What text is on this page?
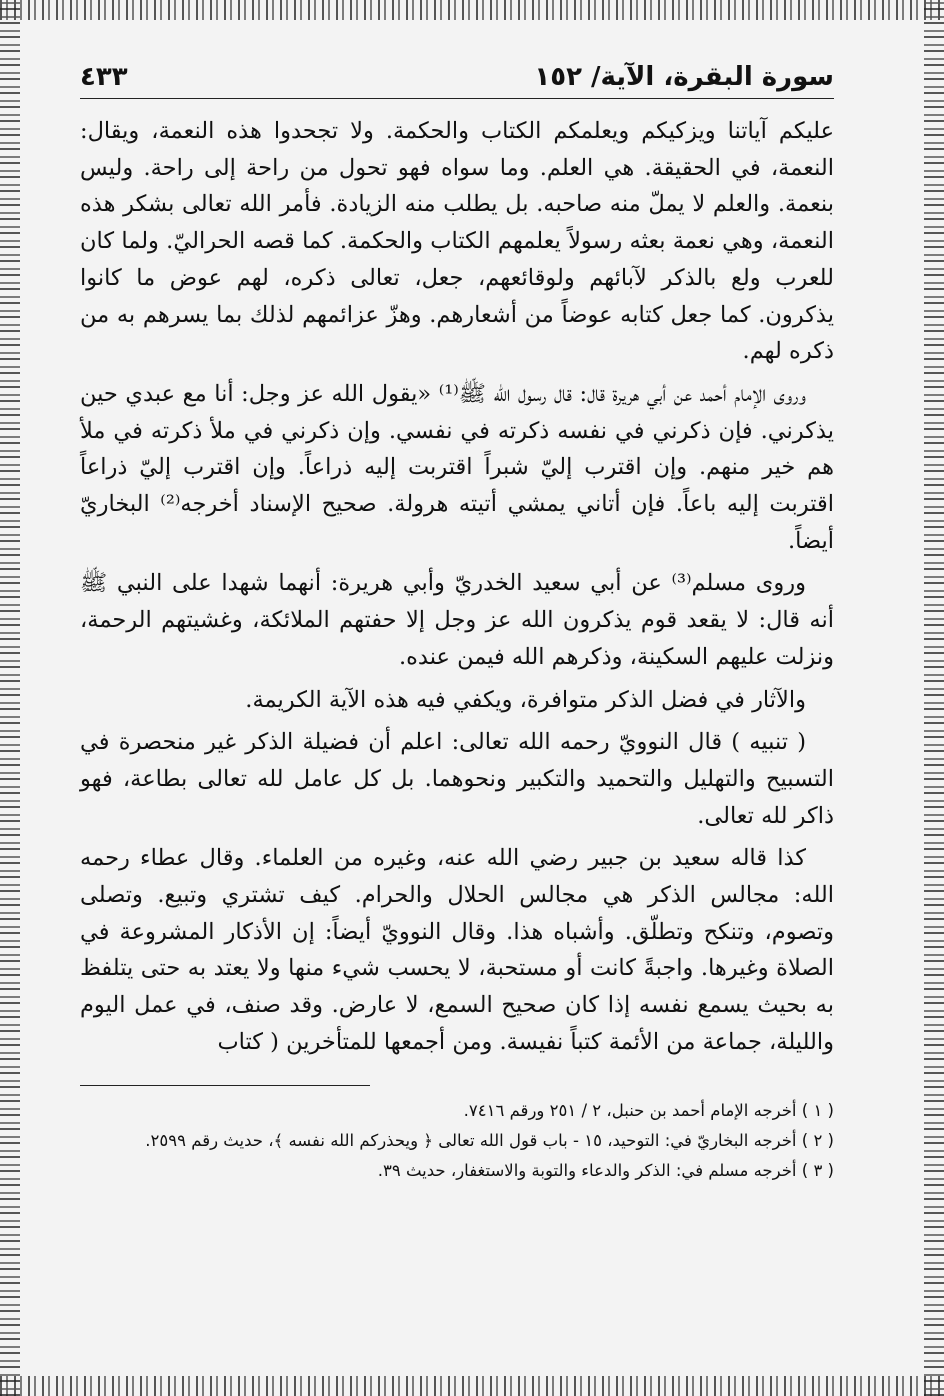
سورة البقرة، الآية/ ١٥٢
٤٣٣

عليكم آياتنا ويزكيكم ويعلمكم الكتاب والحكمة. ولا تجحدوا هذه النعمة، ويقال: النعمة، في الحقيقة. هي العلم. وما سواه فهو تحول من راحة إلى راحة. وليس بنعمة. والعلم لا يملّ منه صاحبه. بل يطلب منه الزيادة. فأمر الله تعالى بشكر هذه النعمة، وهي نعمة بعثه رسولاً يعلمهم الكتاب والحكمة. كما قصه الحراليّ. ولما كان للعرب ولع بالذكر لآبائهم ولوقائعهم، جعل، تعالى ذكره، لهم عوض ما كانوا يذكرون. كما جعل كتابه عوضاً من أشعارهم. وهزّ عزائمهم لذلك بما يسرهم به من ذكره لهم.

وروى الإمام أحمد عن أبي هريرة قال: قال رسول الله ﷺ⁽¹⁾ «يقول الله عز وجل: أنا مع عبدي حين يذكرني. فإن ذكرني في نفسه ذكرته في نفسي. وإن ذكرني في ملأ ذكرته في ملأ هم خير منهم. وإن اقترب إليّ شبراً اقتربت إليه ذراعاً. وإن اقترب إليّ ذراعاً اقتربت إليه باعاً. فإن أتاني يمشي أتيته هرولة. صحيح الإسناد أخرجه⁽²⁾ البخاريّ أيضاً.

وروى مسلم⁽³⁾ عن أبي سعيد الخدريّ وأبي هريرة: أنهما شهدا على النبي ﷺ أنه قال: لا يقعد قوم يذكرون الله عز وجل إلا حفتهم الملائكة، وغشيتهم الرحمة، ونزلت عليهم السكينة، وذكرهم الله فيمن عنده.

والآثار في فضل الذكر متوافرة، ويكفي فيه هذه الآية الكريمة.

( تنبيه ) قال النوويّ رحمه الله تعالى: اعلم أن فضيلة الذكر غير منحصرة في التسبيح والتهليل والتحميد والتكبير ونحوهما. بل كل عامل لله تعالى بطاعة، فهو ذاكر لله تعالى.

كذا قاله سعيد بن جبير رضي الله عنه، وغيره من العلماء. وقال عطاء رحمه الله: مجالس الذكر هي مجالس الحلال والحرام. كيف تشتري وتبيع. وتصلى وتصوم، وتنكح وتطلّق. وأشباه هذا. وقال النوويّ أيضاً: إن الأذكار المشروعة في الصلاة وغيرها. واجبةً كانت أو مستحبة، لا يحسب شيء منها ولا يعتد به حتى يتلفظ به بحيث يسمع نفسه إذا كان صحيح السمع، لا عارض. وقد صنف، في عمل اليوم والليلة، جماعة من الأئمة كتباً نفيسة. ومن أجمعها للمتأخرين ( كتاب

( ١ ) أخرجه الإمام أحمد بن حنبل، ٢ / ٢٥١ ورقم ٧٤١٦.

( ٢ ) أخرجه البخاريّ في: التوحيد، ١٥ - باب قول الله تعالى ﴿ ويحذركم الله نفسه ﴾، حديث رقم ٢٥٩٩.

( ٣ ) أخرجه مسلم في: الذكر والدعاء والتوبة والاستغفار، حديث ٣٩.
